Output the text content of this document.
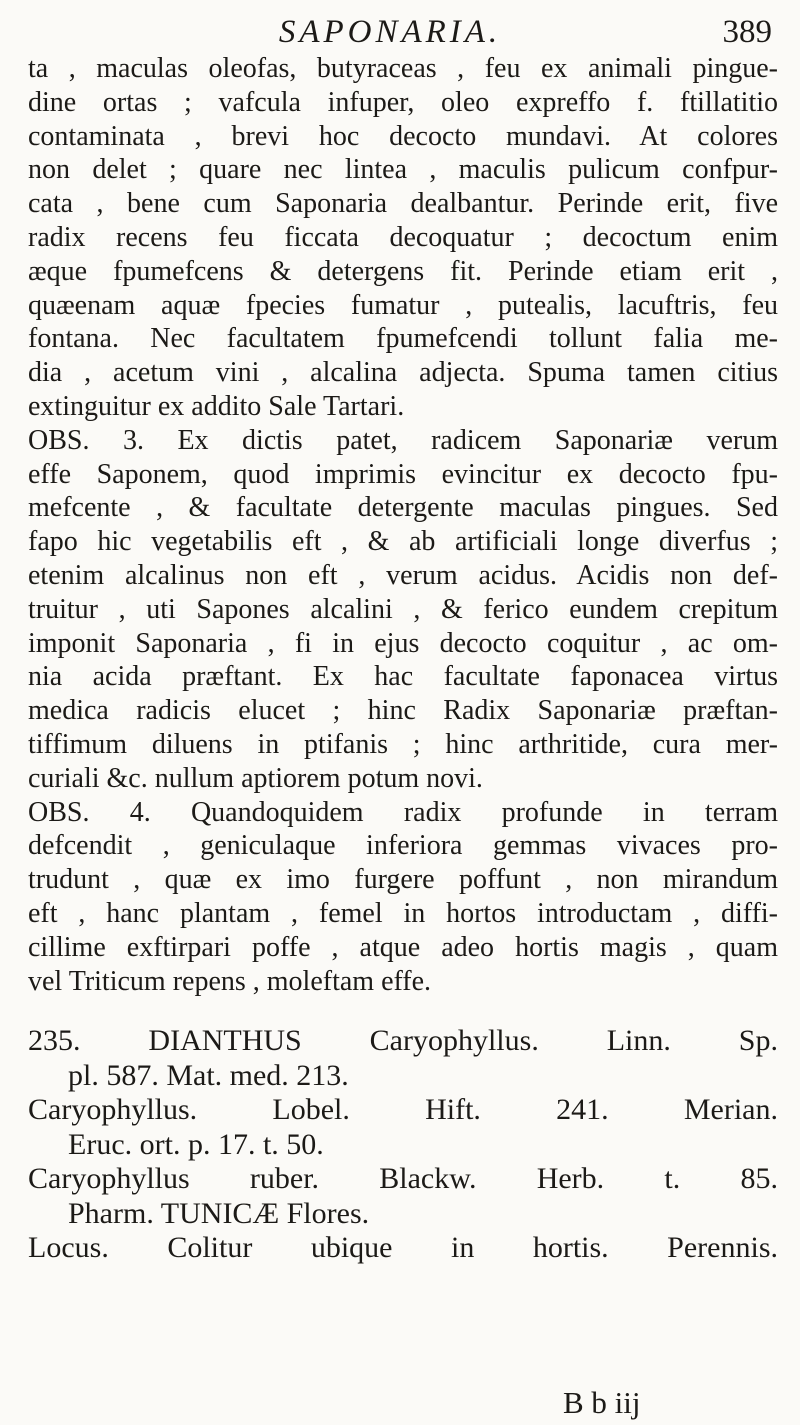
SAPONARIA.	389
ta , maculas oleofas, butyraceas , feu ex animali pingue-
dine ortas ; vafcula infuper, oleo expreffo f. ftillatitio
contaminata , brevi hoc decocto mundavi. At colores
non delet ; quare nec lintea , maculis pulicum confpur-
cata , bene cum Saponaria dealbantur. Perinde erit, five
radix recens feu ficcata decoquatur ; decoctum enim
æque fpumefcens & detergens fit. Perinde etiam erit ,
quæenam aquæ fpecies fumatur , putealis, lacuftris, feu
fontana. Nec facultatem fpumefcendi tollunt falia me-
dia , acetum vini , alcalina adjecta. Spuma tamen citius
extinguitur ex addito Sale Tartari.
OBS. 3. Ex dictis patet, radicem Saponariæ verum
effe Saponem, quod imprimis evincitur ex decocto fpu-
mefcente , & facultate detergente maculas pingues. Sed
fapo hic vegetabilis eft , & ab artificiali longe diverfus ;
etenim alcalinus non eft , verum acidus. Acidis non def-
truitur , uti Sapones alcalini , & ferico eundem crepitum
imponit Saponaria , fi in ejus decocto coquitur , ac om-
nia acida præftant. Ex hac facultate faponacea virtus
medica radicis elucet ; hinc Radix Saponariæ præftan-
tiffimum diluens in ptifanis ; hinc arthritide, cura mer-
curiali &c. nullum aptiorem potum novi.
OBS. 4. Quandoquidem radix profunde in terram
defcendit , geniculaque inferiora gemmas vivaces pro-
trudunt , quæ ex imo furgere poffunt , non mirandum
eft , hanc plantam , femel in hortos introductam , diffi-
cillime exftirpari poffe , atque adeo hortis magis , quam
vel Triticum repens , moleftam effe.
235. DIANTHUS Caryophyllus. Linn. Sp.
pl. 587. Mat. med. 213.
Caryophyllus. Lobel. Hift. 241. Merian.
Eruc. ort. p. 17. t. 50.
Caryophyllus ruber. Blackw. Herb. t. 85.
Pharm. TUNICÆ Flores.
Locus. Colitur ubique in hortis. Perennis.
B b iij
